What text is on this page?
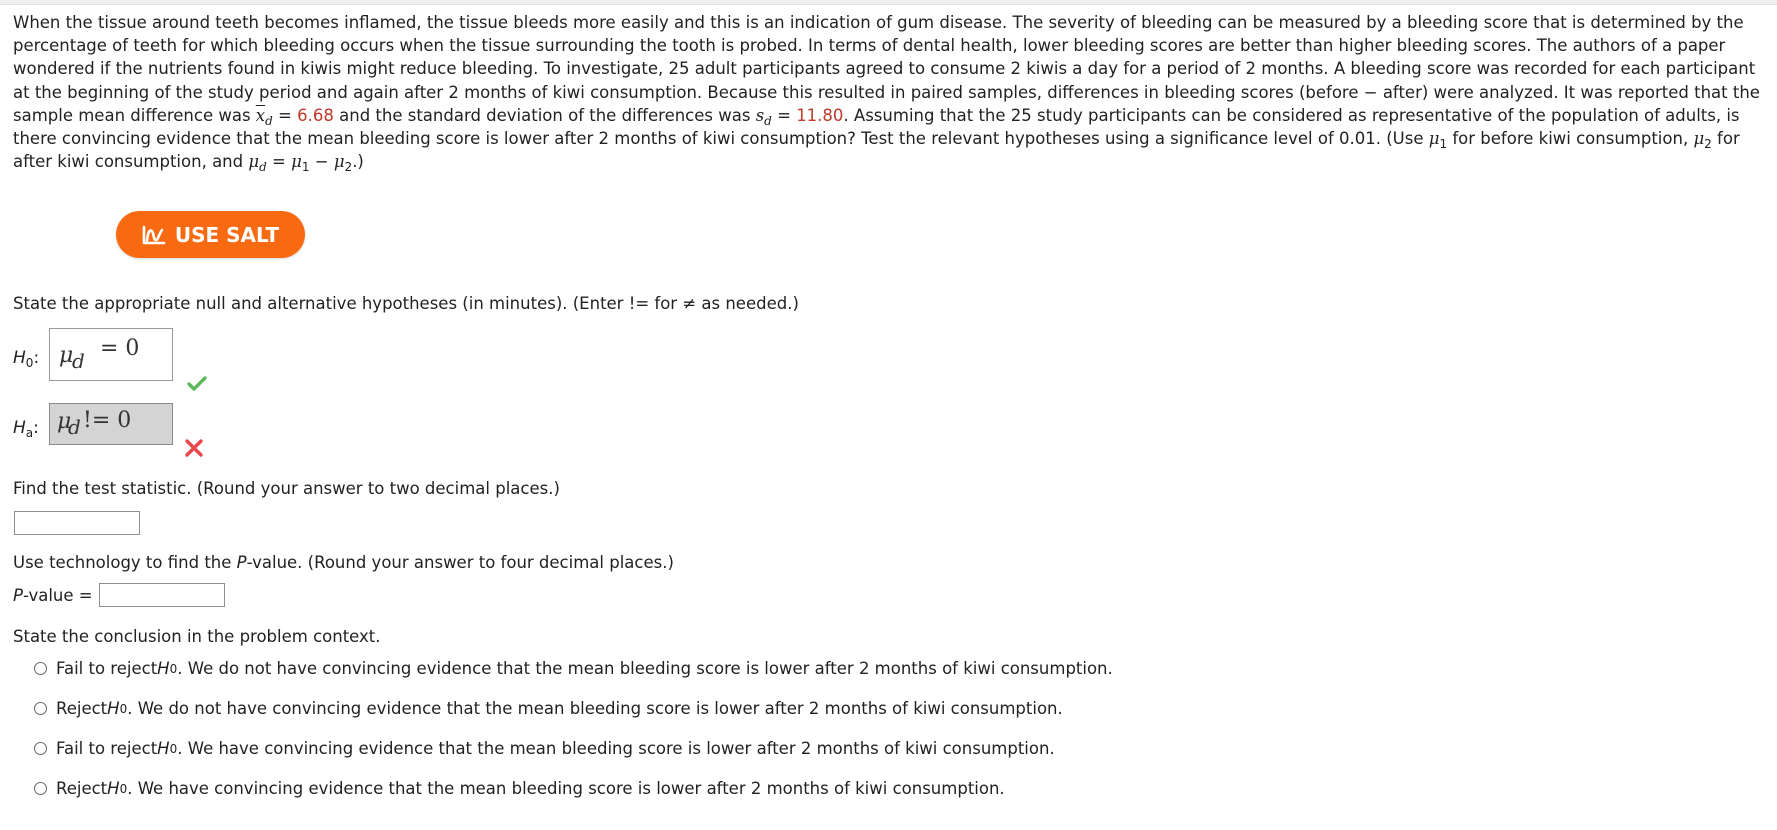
When the tissue around teeth becomes inflamed, the tissue bleeds more easily and this is an indication of gum disease. The severity of bleeding can be measured by a bleeding score that is determined by the percentage of teeth for which bleeding occurs when the tissue surrounding the tooth is probed. In terms of dental health, lower bleeding scores are better than higher bleeding scores. The authors of a paper wondered if the nutrients found in kiwis might reduce bleeding. To investigate, 25 adult participants agreed to consume 2 kiwis a day for a period of 2 months. A bleeding score was recorded for each participant at the beginning of the study period and again after 2 months of kiwi consumption. Because this resulted in paired samples, differences in bleeding scores (before − after) were analyzed. It was reported that the sample mean difference was $\overline{x}_d = 6.68$ and the standard deviation of the differences was $s_d = 11.80$. Assuming that the 25 study participants can be considered as representative of the population of adults, is there convincing evidence that the mean bleeding score is lower after 2 months of kiwi consumption? Test the relevant hypotheses using a significance level of 0.01. (Use $\mu_1$ for before kiwi consumption, $\mu_2$ for after kiwi consumption, and $\mu_d = \mu_1 - \mu_2$.)
USE SALT
State the appropriate null and alternative hypotheses (in minutes). (Enter != for ≠ as needed.)
$H_0$: μ
d = 0
$H_a$: μ
d != 0
Find the test statistic. (Round your answer to two decimal places.)
Use technology to find the P-value. (Round your answer to four decimal places.)
P-value =
State the conclusion in the problem context.
Fail to reject H 0 . We do not have convincing evidence that the mean bleeding score is lower after 2 months of kiwi consumption.
Reject H 0 . We do not have convincing evidence that the mean bleeding score is lower after 2 months of kiwi consumption.
Fail to reject H 0 . We have convincing evidence that the mean bleeding score is lower after 2 months of kiwi consumption.
Reject H 0 . We have convincing evidence that the mean bleeding score is lower after 2 months of kiwi consumption.
